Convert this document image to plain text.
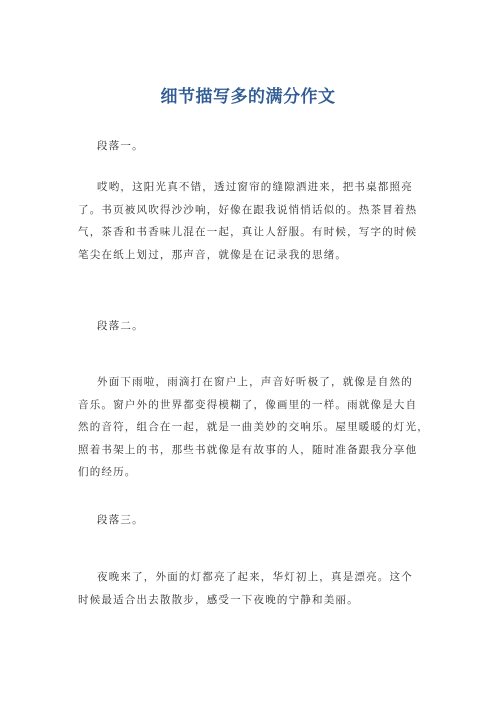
细节描写多的满分作文

段落一。

哎哟，这阳光真不错，透过窗帘的缝隙洒进来，把书桌都照亮
了。书页被风吹得沙沙响，好像在跟我说悄悄话似的。热茶冒着热
气，茶香和书香味儿混在一起，真让人舒服。有时候，写字的时候
笔尖在纸上划过，那声音，就像是在记录我的思绪。

段落二。

外面下雨啦，雨滴打在窗户上，声音好听极了，就像是自然的
音乐。窗户外的世界都变得模糊了，像画里的一样。雨就像是大自
然的音符，组合在一起，就是一曲美妙的交响乐。屋里暖暖的灯光，
照着书架上的书，那些书就像是有故事的人，随时准备跟我分享他
们的经历。

段落三。

夜晚来了，外面的灯都亮了起来，华灯初上，真是漂亮。这个
时候最适合出去散散步，感受一下夜晚的宁静和美丽。
